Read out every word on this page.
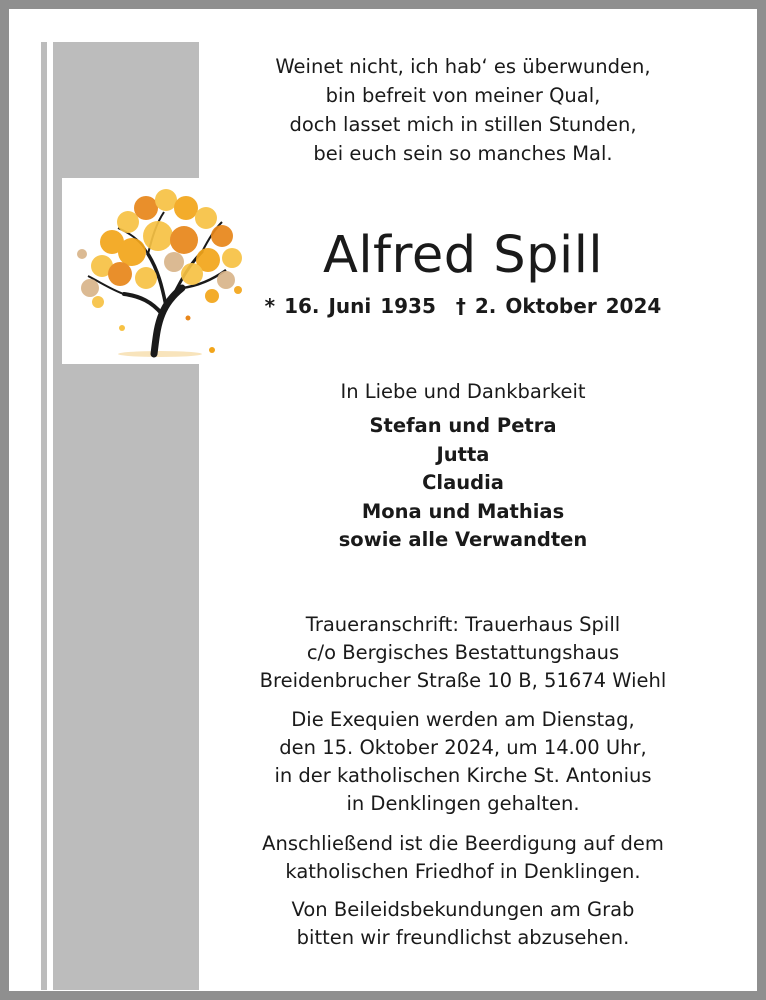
Weinet nicht, ich hab‘ es überwunden,
bin befreit von meiner Qual,
doch lasset mich in stillen Stunden,
bei euch sein so manches Mal.
Alfred Spill
* 16. Juni 1935 † 2. Oktober 2024
In Liebe und Dankbarkeit
Stefan und Petra
Jutta
Claudia
Mona und Mathias
sowie alle Verwandten
Traueranschrift: Trauerhaus Spill
c/o Bergisches Bestattungshaus
Breidenbrucher Straße 10 B, 51674 Wiehl
Die Exequien werden am Dienstag,
den 15. Oktober 2024, um 14.00 Uhr,
in der katholischen Kirche St. Antonius
in Denklingen gehalten.
Anschließend ist die Beerdigung auf dem
katholischen Friedhof in Denklingen.
Von Beileidsbekundungen am Grab
bitten wir freundlichst abzusehen.
